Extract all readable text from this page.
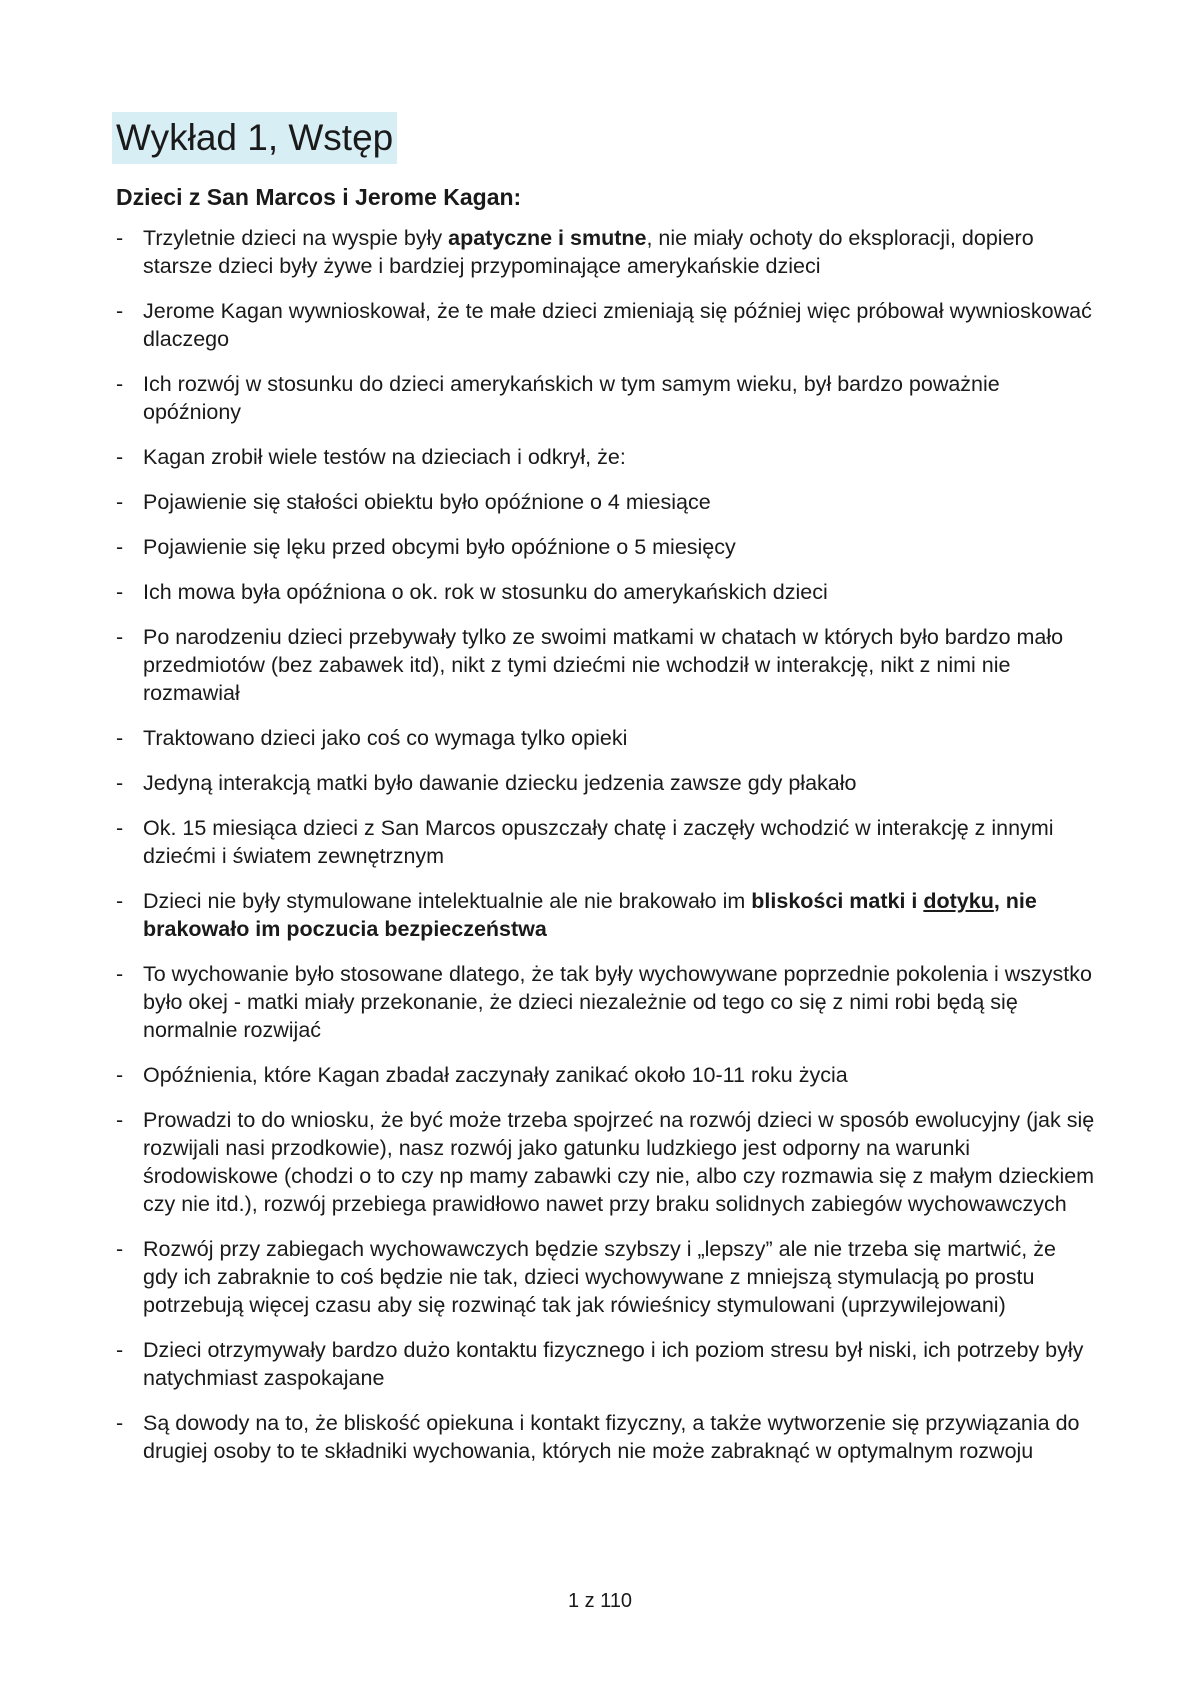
Wykład 1, Wstęp
Dzieci z San Marcos i Jerome Kagan:
- Trzyletnie dzieci na wyspie były apatyczne i smutne, nie miały ochoty do eksploracji, dopiero starsze dzieci były żywe i bardziej przypominające amerykańskie dzieci
- Jerome Kagan wywnioskował, że te małe dzieci zmieniają się później więc próbował wywnioskować dlaczego
- Ich rozwój w stosunku do dzieci amerykańskich w tym samym wieku, był bardzo poważnie opóźniony
- Kagan zrobił wiele testów na dzieciach i odkrył, że:
- Pojawienie się stałości obiektu było opóźnione o 4 miesiące
- Pojawienie się lęku przed obcymi było opóźnione o 5 miesięcy
- Ich mowa była opóźniona o ok. rok w stosunku do amerykańskich dzieci
- Po narodzeniu dzieci przebywały tylko ze swoimi matkami w chatach w których było bardzo mało przedmiotów (bez zabawek itd), nikt z tymi dziećmi nie wchodził w interakcję, nikt z nimi nie rozmawiał
- Traktowano dzieci jako coś co wymaga tylko opieki
- Jedyną interakcją matki było dawanie dziecku jedzenia zawsze gdy płakało
- Ok. 15 miesiąca dzieci z San Marcos opuszczały chatę i zaczęły wchodzić w interakcję z innymi dziećmi i światem zewnętrznym
- Dzieci nie były stymulowane intelektualnie ale nie brakowało im bliskości matki i dotyku, nie brakowało im poczucia bezpieczeństwa
- To wychowanie było stosowane dlatego, że tak były wychowywane poprzednie pokolenia i wszystko było okej - matki miały przekonanie, że dzieci niezależnie od tego co się z nimi robi będą się normalnie rozwijać
- Opóźnienia, które Kagan zbadał zaczynały zanikać około 10-11 roku życia
- Prowadzi to do wniosku, że być może trzeba spojrzeć na rozwój dzieci w sposób ewolucyjny (jak się rozwijali nasi przodkowie), nasz rozwój jako gatunku ludzkiego jest odporny na warunki środowiskowe (chodzi o to czy np mamy zabawki czy nie, albo czy rozmawia się z małym dzieckiem czy nie itd.), rozwój przebiega prawidłowo nawet przy braku solidnych zabiegów wychowawczych
- Rozwój przy zabiegach wychowawczych będzie szybszy i „lepszy” ale nie trzeba się martwić, że gdy ich zabraknie to coś będzie nie tak, dzieci wychowywane z mniejszą stymulacją po prostu potrzebują więcej czasu aby się rozwinąć tak jak rówieśnicy stymulowani (uprzywilejowani)
- Dzieci otrzymywały bardzo dużo kontaktu fizycznego i ich poziom stresu był niski, ich potrzeby były natychmiast zaspokajane
- Są dowody na to, że bliskość opiekuna i kontakt fizyczny, a także wytworzenie się przywiązania do drugiej osoby to te składniki wychowania, których nie może zabraknąć w optymalnym rozwoju
1 z 110
